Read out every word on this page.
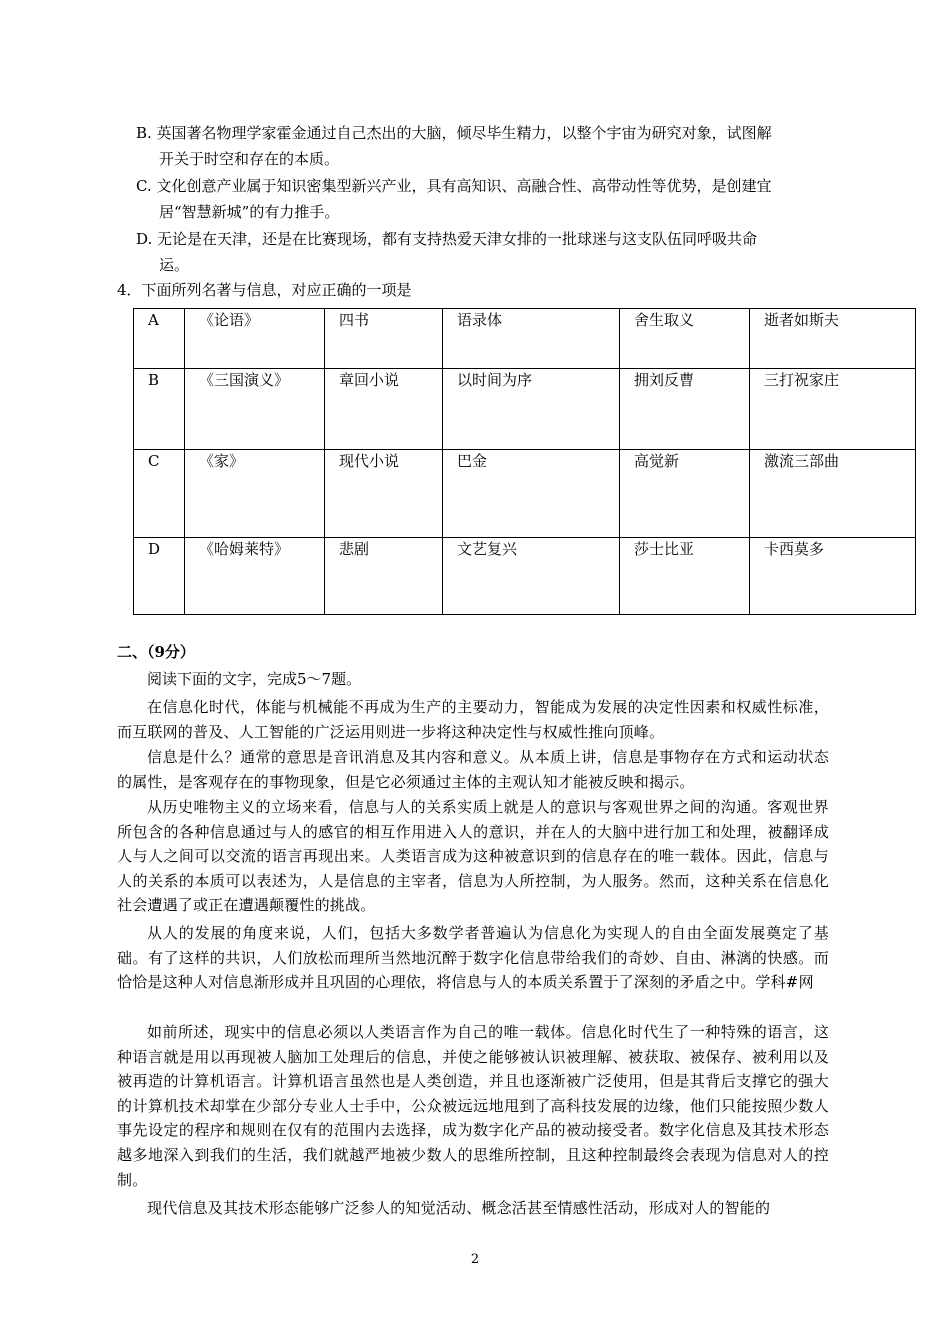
B. 英国著名物理学家霍金通过自己杰出的大脑，倾尽毕生精力，以整个宇宙为研究对象，试图解
开关于时空和存在的本质。
C. 文化创意产业属于知识密集型新兴产业，具有高知识、高融合性、高带动性等优势，是创建宜
居“智慧新城”的有力推手。
D. 无论是在天津，还是在比赛现场，都有支持热爱天津女排的一批球迷与这支队伍同呼吸共命
运。
4．下面所列名著与信息，对应正确的一项是
A	《论语》	四书	语录体	舍生取义	逝者如斯夫
B	《三国演义》	章回小说	以时间为序	拥刘反曹	三打祝家庄
C	《家》	现代小说	巴金	高觉新	激流三部曲
D	《哈姆莱特》	悲剧	文艺复兴	莎士比亚	卡西莫多
二、（9分）
阅读下面的文字，完成5～7题。
在信息化时代，体能与机械能不再成为生产的主要动力，智能成为发展的决定性因素和权威性标准，而互联网的普及、人工智能的广泛运用则进一步将这种决定性与权威性推向顶峰。
信息是什么？通常的意思是音讯消息及其内容和意义。从本质上讲，信息是事物存在方式和运动状态的属性，是客观存在的事物现象，但是它必须通过主体的主观认知才能被反映和揭示。
从历史唯物主义的立场来看，信息与人的关系实质上就是人的意识与客观世界之间的沟通。客观世界所包含的各种信息通过与人的感官的相互作用进入人的意识，并在人的大脑中进行加工和处理，被翻译成人与人之间可以交流的语言再现出来。人类语言成为这种被意识到的信息存在的唯一载体。因此，信息与人的关系的本质可以表述为，人是信息的主宰者，信息为人所控制，为人服务。然而，这种关系在信息化社会遭遇了或正在遭遇颠覆性的挑战。
从人的发展的角度来说，人们，包括大多数学者普遍认为信息化为实现人的自由全面发展奠定了基础。有了这样的共识，人们放松而理所当然地沉醉于数字化信息带给我们的奇妙、自由、淋漓的快感。而恰恰是这种人对信息渐形成并且巩固的心理依，将信息与人的本质关系置于了深刻的矛盾之中。学科#网
如前所述，现实中的信息必须以人类语言作为自己的唯一载体。信息化时代生了一种特殊的语言，这种语言就是用以再现被人脑加工处理后的信息，并使之能够被认识被理解、被获取、被保存、被利用以及被再造的计算机语言。计算机语言虽然也是人类创造，并且也逐渐被广泛使用，但是其背后支撑它的强大的计算机技术却掌在少部分专业人士手中，公众被远远地甩到了高科技发展的边缘，他们只能按照少数人事先设定的程序和规则在仅有的范围内去选择，成为数字化产品的被动接受者。数字化信息及其技术形态越多地深入到我们的生活，我们就越严地被少数人的思维所控制，且这种控制最终会表现为信息对人的控制。
现代信息及其技术形态能够广泛参人的知觉活动、概念活甚至情感性活动，形成对人的智能的
2
